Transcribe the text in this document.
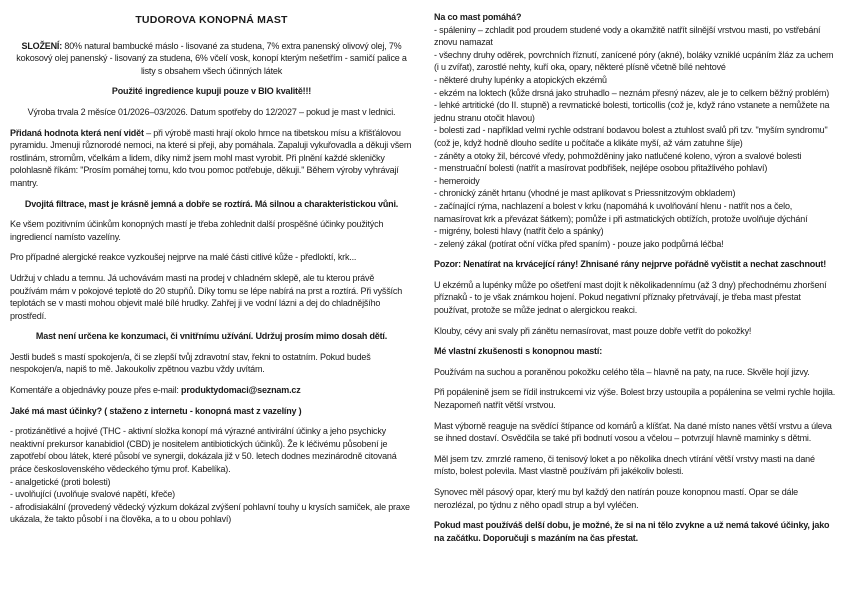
TUDOROVA KONOPNÁ MAST

SLOŽENÍ: 80% natural bambucké máslo - lisované za studena, 7% extra panenský olivový olej, 7% kokosový olej panenský - lisovaný za studena, 6% včelí vosk, konopí kterým nešetřím - samičí palice a listy s obsahem všech účinných látek

Použité ingredience kupuji pouze v BIO kvalitě!!!

Výroba trvala 2 měsíce 01/2026–03/2026. Datum spotřeby do 12/2027 – pokud je mast v lednici.

Přidaná hodnota která není vidět – při výrobě masti hrají okolo hrnce na tibetskou mísu a křišťálovou pyramidu. Jmenuji různorodé nemoci, na které si přeji, aby pomáhala. Zapaluji vykuřovadla a děkuji všem rostlinám, stromům, včelkám a lidem, díky nimž jsem mohl mast vyrobit. Při plnění každé skleničky polohlasně říkám: "Prosím pomáhej tomu, kdo tvou pomoc potřebuje, děkuji." Během výroby vyhrávají mantry.

Dvojitá filtrace, mast je krásně jemná a dobře se roztírá. Má silnou a charakteristickou vůni.

Ke všem pozitivním účinkům konopných mastí je třeba zohlednit další prospěšné účinky použitých ingrediencí namísto vazelíny.

Pro případné alergické reakce vyzkoušej nejprve na malé části citlivé kůže - předloktí, krk...

Udržuj v chladu a temnu. Já uchovávám masti na prodej v chladném sklepě, ale tu kterou právě používám mám v pokojové teplotě do 20 stupňů. Díky tomu se lépe nabírá na prst a roztírá. Při vyšších teplotách se v masti mohou objevit malé bílé hrudky. Zahřej ji ve vodní lázni a dej do chladnějšího prostředí.

Mast není určena ke konzumaci, či vnitřnímu užívání. Udržuj prosím mimo dosah dětí.

Jestli budeš s mastí spokojen/a, či se zlepší tvůj zdravotní stav, řekni to ostatním. Pokud budeš nespokojen/a, napiš to mě. Jakoukoliv zpětnou vazbu vždy uvítám.

Komentáře a objednávky pouze přes e-mail: produktydomaci@seznam.cz

Jaké má mast účinky? ( staženo z internetu - konopná mast z vazelíny )

- protizánětlivé a hojivé (THC - aktivní složka konopí má výrazné antivirální účinky a jeho psychicky neaktivní prekursor kanabidiol (CBD) je nositelem antibiotických účinků). Že k léčivému působení je zapotřebí obou látek, které působí ve synergii, dokázala již v 50. letech dodnes mezinárodně citovaná práce československého vědeckého týmu prof. Kabelíka).
- analgetické (proti bolesti)
- uvolňující (uvolňuje svalové napětí, křeče)
- afrodisiakální (provedený vědecký výzkum dokázal zvýšení pohlavní touhy u krysích samiček, ale praxe ukázala, že takto působí i na člověka, a to u obou pohlaví)
Na co mast pomáhá?
- spáleniny – zchladit pod proudem studené vody a okamžitě natřít silnější vrstvou masti, po vstřebání znovu namazat
- všechny druhy oděrek, povrchních říznutí, zanícené póry (akné), boláky vzniklé ucpáním žláz za uchem (i u zvířat), zarostlé nehty, kuří oka, opary, některé plísně včetně bílé nehtové
- některé druhy lupénky a atopických ekzémů
- ekzém na loktech (kůže drsná jako struhadlo – neznám přesný název, ale je to celkem běžný problém)
- lehké artritické (do II. stupně) a revmatické bolesti, torticollis (což je, když ráno vstanete a nemůžete na jednu stranu otočit hlavou)
- bolesti zad - například velmi rychle odstraní bodavou bolest a ztuhlost svalů při tzv. "myším syndromu" (což je, když hodně dlouho sedíte u počítače a klikáte myší, až vám zatuhne šíje)
- záněty a otoky žil, bércové vředy, pohmožděniny jako natlučené koleno, výron a svalové bolesti
- menstruační bolesti (natřít a masírovat podbřišek, nejlépe osobou přitažlivého pohlaví)
- hemeroidy
- chronický zánět hrtanu (vhodné je mast aplikovat s Priessnitzovým obkladem)
- začínající rýma, nachlazení a bolest v krku (napomáhá k uvolňování hlenu - natřít nos a čelo, namasírovat krk a převázat šátkem); pomůže i při astmatických obtížích, protože uvolňuje dýchání
- migrény, bolesti hlavy (natřít čelo a spánky)
- zelený zákal (potírat oční víčka před spaním) - pouze jako podpůrná léčba!

Pozor: Nenatírat na krvácející rány! Zhnisané rány nejprve pořádně vyčistit a nechat zaschnout!

U ekzémů a lupénky může po ošetření mast dojít k několikadennímu (až 3 dny) přechodnému zhoršení příznaků - to je však známkou hojení. Pokud negativní příznaky přetrvávají, je třeba mast přestat používat, protože se může jednat o alergickou reakci.

Klouby, cévy ani svaly při zánětu nemasírovat, mast pouze dobře vetřít do pokožky!

Mé vlastní zkušenosti s konopnou mastí:

Používám na suchou a poraněnou pokožku celého těla – hlavně na paty, na ruce. Skvěle hojí jizvy.

Při popálenině jsem se řídil instrukcemi viz výše. Bolest brzy ustoupila a popálenina se velmi rychle hojila. Nezapomeň natřít větší vrstvou.

Mast výborně reaguje na svědící štípance od komárů a klíšťat. Na dané místo nanes větší vrstvu a úleva se ihned dostaví. Osvědčila se také při bodnutí vosou a včelou – potvrzují hlavně maminky s dětmi.

Měl jsem tzv. zmrzlé rameno, či tenisový loket a po několika dnech vtírání větší vrstvy masti na dané místo, bolest polevila. Mast vlastně používám při jakékoliv bolesti.

Synovec měl pásový opar, který mu byl každý den natírán pouze konopnou mastí. Opar se dále nerozlézal, po týdnu z něho opadl strup a byl vyléčen.

Pokud mast používáš delší dobu, je možné, že si na ni tělo zvykne a už nemá takové účinky, jako na začátku. Doporučuji s mazáním na čas přestat.
